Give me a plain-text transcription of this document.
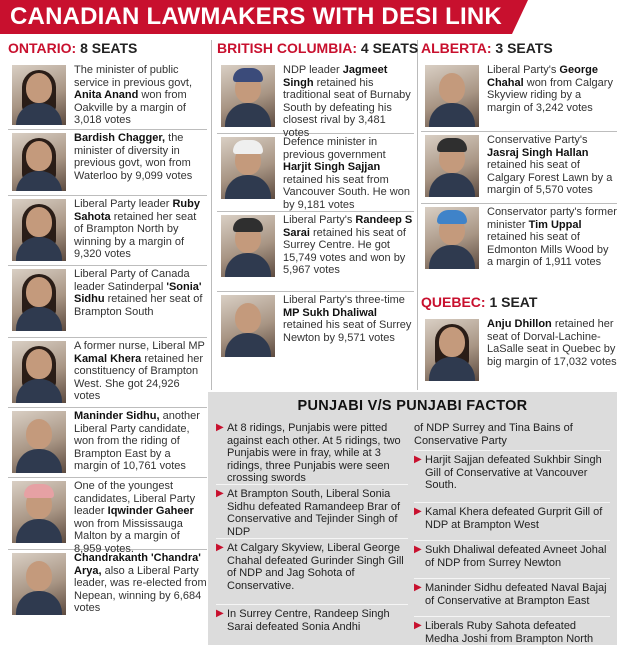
CANADIAN LAWMAKERS WITH DESI LINK
ONTARIO: 8 SEATS
The minister of public service in previous govt, Anita Anand won from Oakville by a margin of 3,018 votes
Bardish Chagger, the minister of diversity in previous govt, won from Waterloo by 9,099 votes
Liberal Party leader Ruby Sahota retained her seat of Brampton North by winning by a margin of 9,320 votes
Liberal Party of Canada leader Satinderpal 'Sonia' Sidhu retained her seat of Brampton South
A former nurse, Liberal MP Kamal Khera retained her constituency of Brampton West. She got 24,926 votes
Maninder Sidhu, another Liberal Party candidate, won from the riding of Brampton East by a margin of 10,761 votes
One of the youngest candidates, Liberal Party leader Iqwinder Gaheer won from Mississauga Malton by a margin of 8,959 votes.
Chandrakanth 'Chandra' Arya, also a Liberal Party leader, was re-elected from Nepean, winning by 6,684 votes
BRITISH COLUMBIA: 4 SEATS
NDP leader Jagmeet Singh retained his traditional seat of Burnaby South by defeating his closest rival by 3,481 votes
Defence minister in previous government Harjit Singh Sajjan retained his seat from Vancouver South. He won by 9,181 votes
Liberal Party's Randeep S Sarai retained his seat of Surrey Centre. He got 15,749 votes and won by 5,967 votes
Liberal Party's three-time MP Sukh Dhaliwal retained his seat of Surrey Newton by 9,571 votes
ALBERTA: 3 SEATS
Liberal Party's George Chahal won from Calgary Skyview riding by a margin of 3,242 votes
Conservative Party's Jasraj Singh Hallan retained his seat of Calgary Forest Lawn by a margin of 5,570 votes
Conservator party's former minister Tim Uppal retained his seat of Edmonton Mills Wood by a margin of 1,911 votes
QUEBEC: 1 SEAT
Anju Dhillon retained her seat of Dorval-Lachine-LaSalle seat in Quebec by big margin of 17,032 votes
PUNJABI V/S PUNJABI FACTOR
▶ At 8 ridings, Punjabis were pitted against each other. At 5 ridings, two Punjabis were in fray, while at 3 ridings, three Punjabis were seen crossing swords
▶ At Brampton South, Liberal Sonia Sidhu defeated Ramandeep Brar of Conservative and Tejinder Singh of NDP
▶ At Calgary Skyview, Liberal George Chahal defeated Gurinder Singh Gill of NDP and Jag Sohota of Conservative.
▶ In Surrey Centre, Randeep Singh Sarai defeated Sonia Andhi
of NDP Surrey and Tina Bains of Conservative Party
▶ Harjit Sajjan defeated Sukhbir Singh Gill of Conservative at Vancouver South.
▶ Kamal Khera defeated Gurprit Gill of NDP at Brampton West
▶ Sukh Dhaliwal defeated Avneet Johal of NDP from Surrey Newton
▶ Maninder Sidhu defeated Naval Bajaj of Conservative at Brampton East
▶ Liberals Ruby Sahota defeated Medha Joshi from Brampton North
